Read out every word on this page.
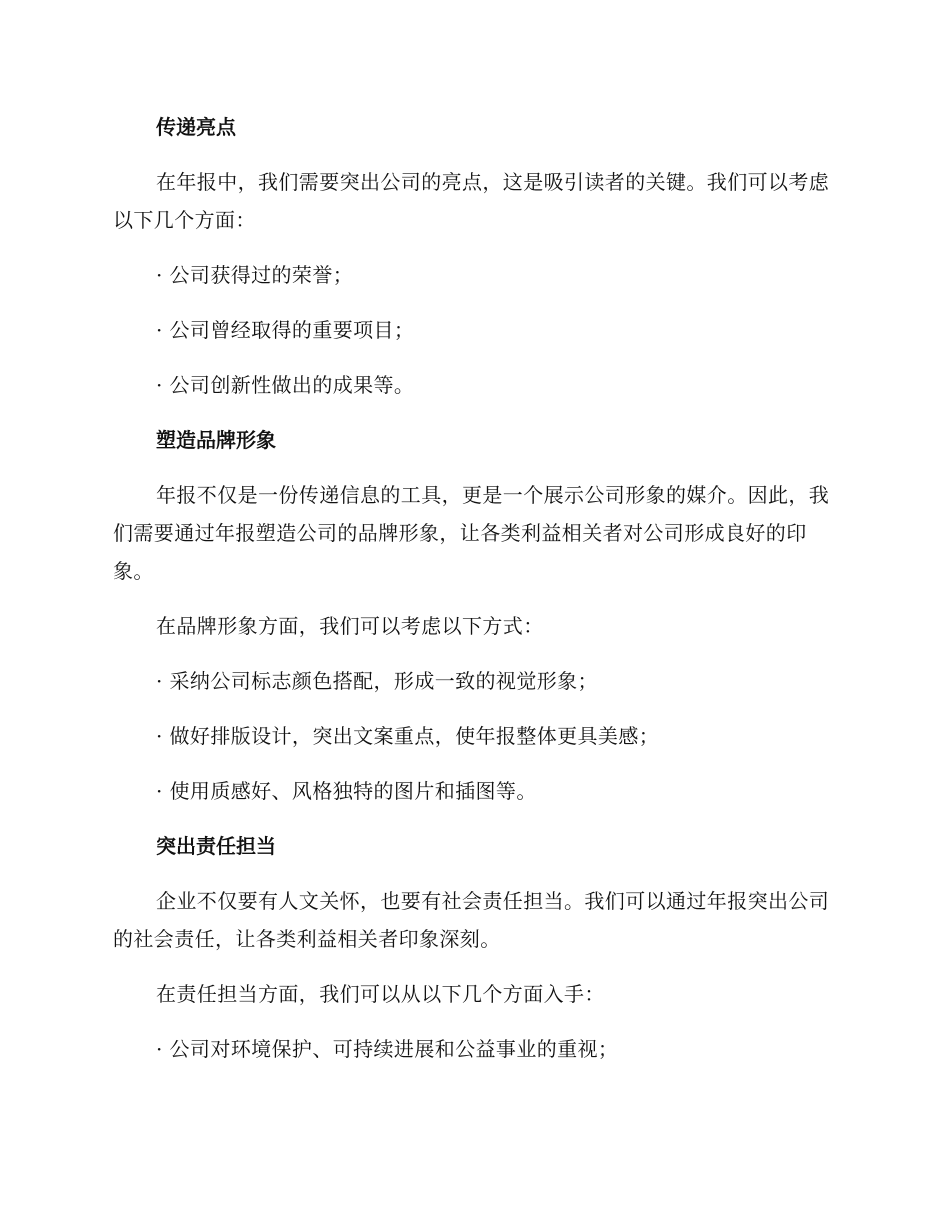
传递亮点

在年报中，我们需要突出公司的亮点，这是吸引读者的关键。我们可以考虑以下几个方面：

· 公司获得过的荣誉；

· 公司曾经取得的重要项目；

· 公司创新性做出的成果等。

塑造品牌形象

年报不仅是一份传递信息的工具，更是一个展示公司形象的媒介。因此，我们需要通过年报塑造公司的品牌形象，让各类利益相关者对公司形成良好的印象。

在品牌形象方面，我们可以考虑以下方式：

· 采纳公司标志颜色搭配，形成一致的视觉形象；

· 做好排版设计，突出文案重点，使年报整体更具美感；

· 使用质感好、风格独特的图片和插图等。

突出责任担当

企业不仅要有人文关怀，也要有社会责任担当。我们可以通过年报突出公司的社会责任，让各类利益相关者印象深刻。

在责任担当方面，我们可以从以下几个方面入手：

· 公司对环境保护、可持续进展和公益事业的重视；
